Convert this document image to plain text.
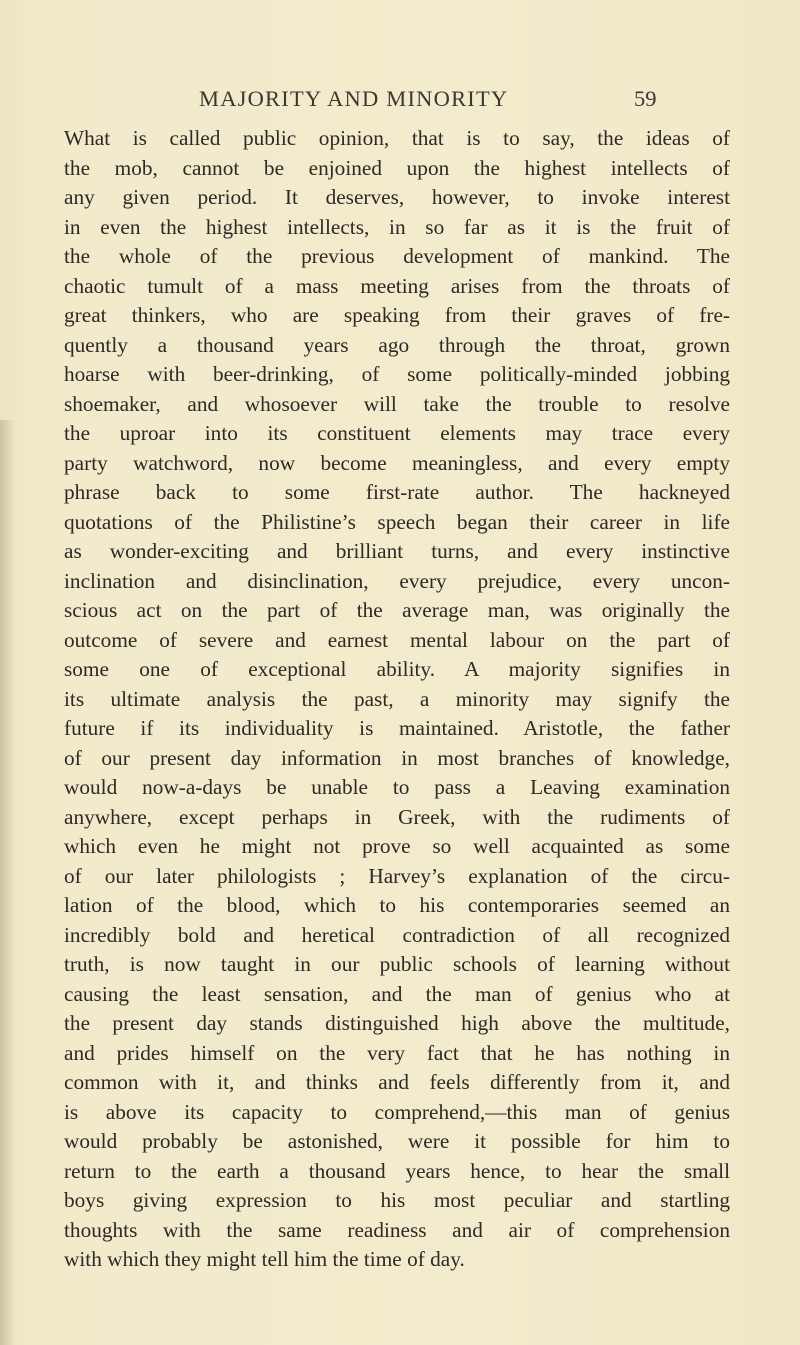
MAJORITY AND MINORITY	59
What is called public opinion, that is to say, the ideas of
the mob, cannot be enjoined upon the highest intellects of
any given period. It deserves, however, to invoke interest
in even the highest intellects, in so far as it is the fruit of
the whole of the previous development of mankind. The
chaotic tumult of a mass meeting arises from the throats of
great thinkers, who are speaking from their graves of fre-
quently a thousand years ago through the throat, grown
hoarse with beer-drinking, of some politically-minded jobbing
shoemaker, and whosoever will take the trouble to resolve
the uproar into its constituent elements may trace every
party watchword, now become meaningless, and every empty
phrase back to some first-rate author. The hackneyed
quotations of the Philistine’s speech began their career in life
as wonder-exciting and brilliant turns, and every instinctive
inclination and disinclination, every prejudice, every uncon-
scious act on the part of the average man, was originally the
outcome of severe and earnest mental labour on the part of
some one of exceptional ability. A majority signifies in
its ultimate analysis the past, a minority may signify the
future if its individuality is maintained. Aristotle, the father
of our present day information in most branches of knowledge,
would now-a-days be unable to pass a Leaving examination
anywhere, except perhaps in Greek, with the rudiments of
which even he might not prove so well acquainted as some
of our later philologists ; Harvey’s explanation of the circu-
lation of the blood, which to his contemporaries seemed an
incredibly bold and heretical contradiction of all recognized
truth, is now taught in our public schools of learning without
causing the least sensation, and the man of genius who at
the present day stands distinguished high above the multitude,
and prides himself on the very fact that he has nothing in
common with it, and thinks and feels differently from it, and
is above its capacity to comprehend,—this man of genius
would probably be astonished, were it possible for him to
return to the earth a thousand years hence, to hear the small
boys giving expression to his most peculiar and startling
thoughts with the same readiness and air of comprehension
with which they might tell him the time of day.
